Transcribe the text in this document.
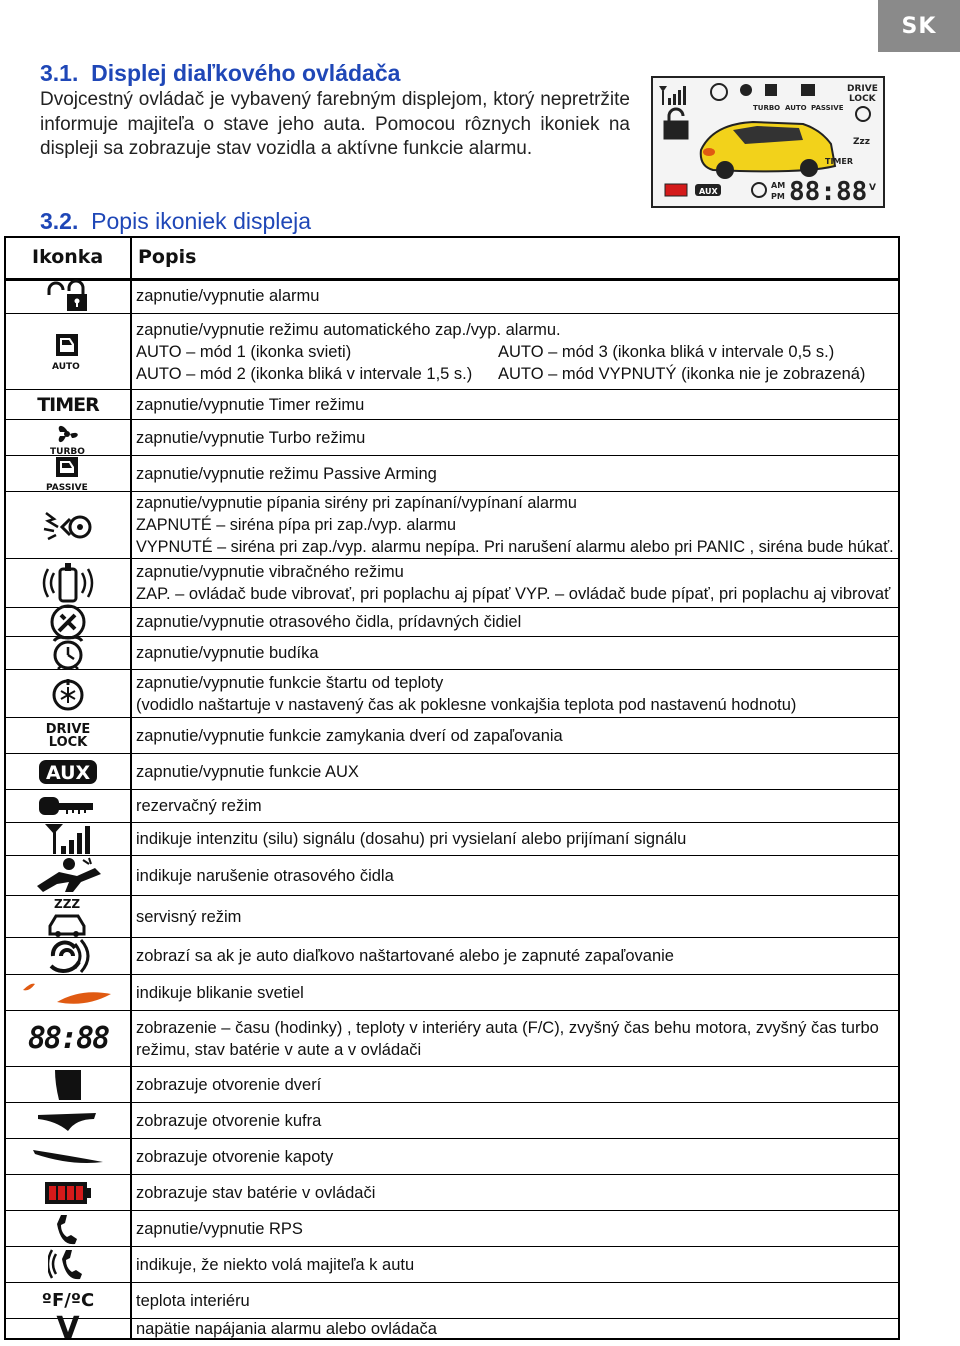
SK
3.1. Displej diaľkového ovládača
Dvojcestný ovládač je vybavený farebným displejom, ktorý nepretržite informuje majiteľa o stave jeho auta. Pomocou rôznych ikoniek na displeji sa zobrazuje stav vozidla a aktívne funkcie alarmu.
3.2. Popis ikoniek displeja
TURBO AUTO PASSIVE
DRIVE
LOCK
TIMER
Zzz
AUX
AM
PM 88:88 V
Ikonka Popis
zapnutie/vypnutie alarmu
AUTO
zapnutie/vypnutie režimu automatického zap./vyp. alarmu.
AUTO – mód 1 (ikonka svieti)	AUTO – mód 3 (ikonka bliká v intervale 0,5 s.)
AUTO – mód 2 (ikonka bliká v intervale 1,5 s.)	AUTO – mód VYPNUTÝ (ikonka nie je zobrazená)
TIMER zapnutie/vypnutie Timer režimu
TURBO
zapnutie/vypnutie Turbo režimu
PASSIVE
zapnutie/vypnutie režimu Passive Arming
zapnutie/vypnutie pípania sirény pri zapínaní/vypínaní alarmu
ZAPNUTÉ – siréna pípa pri zap./vyp. alarmu
VYPNUTÉ – siréna pri zap./vyp. alarmu nepípa. Pri narušení alarmu alebo pri PANIC , siréna bude húkať.
zapnutie/vypnutie vibračného režimu
ZAP. – ovládač bude vibrovať, pri poplachu aj pípať VYP. – ovládač bude pípať, pri poplachu aj vibrovať
zapnutie/vypnutie otrasového čidla, prídavných čidiel
zapnutie/vypnutie budíka
zapnutie/vypnutie funkcie štartu od teploty
(vodidlo naštartuje v nastavený čas ak poklesne vonkajšia teplota pod nastavenú hodnotu)
DRIVE
LOCK	zapnutie/vypnutie funkcie zamykania dverí od zapaľovania
AUX	zapnutie/vypnutie funkcie AUX
rezervačný režim
indikuje intenzitu (silu) signálu (dosahu) pri vysielaní alebo prijímaní signálu
indikuje narušenie otrasového čidla
ZZZ
servisný režim
zobrazí sa ak je auto diaľkovo naštartované alebo je zapnuté zapaľovanie
indikuje blikanie svetiel
88:88 zobrazenie – času (hodinky) , teploty v interiéry auta (F/C), zvyšný čas behu motora, zvyšný čas turbo
režimu, stav batérie v aute a v ovládači
zobrazuje otvorenie dverí
zobrazuje otvorenie kufra
zobrazuje otvorenie kapoty
zobrazuje stav batérie v ovládači
zapnutie/vypnutie RPS
indikuje, že niekto volá majiteľa k autu
ºF/ºC	teplota interiéru
V	napätie napájania alarmu alebo ovládača
